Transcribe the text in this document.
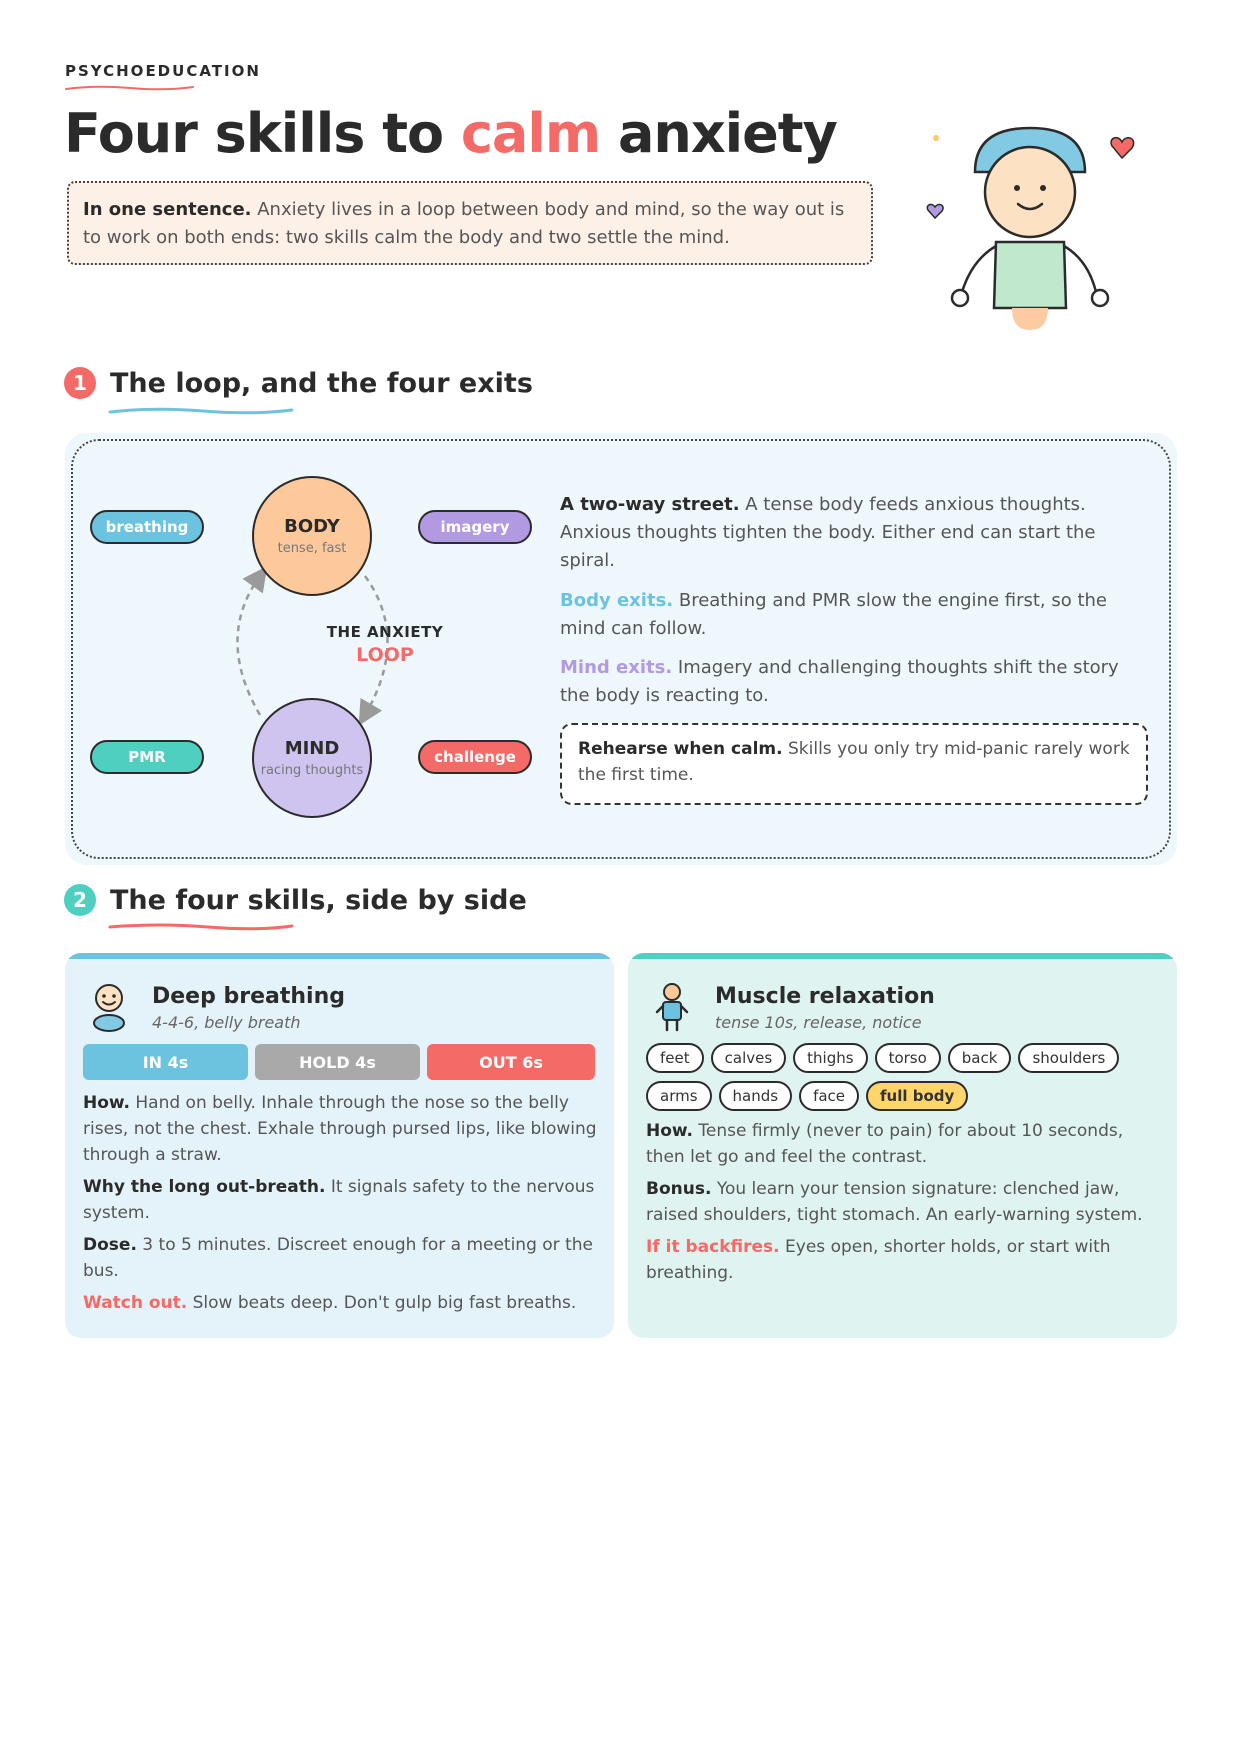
PSYCHOEDUCATION
Four skills to calm anxiety
In one sentence. Anxiety lives in a loop between body and mind, so the way out is to work on both ends: two skills calm the body and two settle the mind.
1 The loop, and the four exits
breathing	imagery
PMR	challenge
BODY
tense, fast
MIND
racing thoughts
THE ANXIETY
LOOP
A two-way street. A tense body feeds anxious thoughts. Anxious thoughts tighten the body. Either end can start the spiral.
Body exits. Breathing and PMR slow the engine first, so the mind can follow.
Mind exits. Imagery and challenging thoughts shift the story the body is reacting to.
Rehearse when calm. Skills you only try mid-panic rarely work the first time.
2 The four skills, side by side
Deep breathing
4-4-6, belly breath
IN 4s	HOLD 4s	OUT 6s

How. Hand on belly. Inhale through the nose so the belly rises, not the chest. Exhale through pursed lips, like blowing through a straw.

Why the long out-breath. It signals safety to the nervous system.

Dose. 3 to 5 minutes. Discreet enough for a meeting or the bus.

Watch out. Slow beats deep. Don't gulp big fast breaths.

Muscle relaxation
tense 10s, release, notice
feet	calves	thighs	torso	back	shoulders
arms	hands	face	full body

How. Tense firmly (never to pain) for about 10 seconds, then let go and feel the contrast.

Bonus. You learn your tension signature: clenched jaw, raised shoulders, tight stomach. An early-warning system.

If it backfires. Eyes open, shorter holds, or start with breathing.
